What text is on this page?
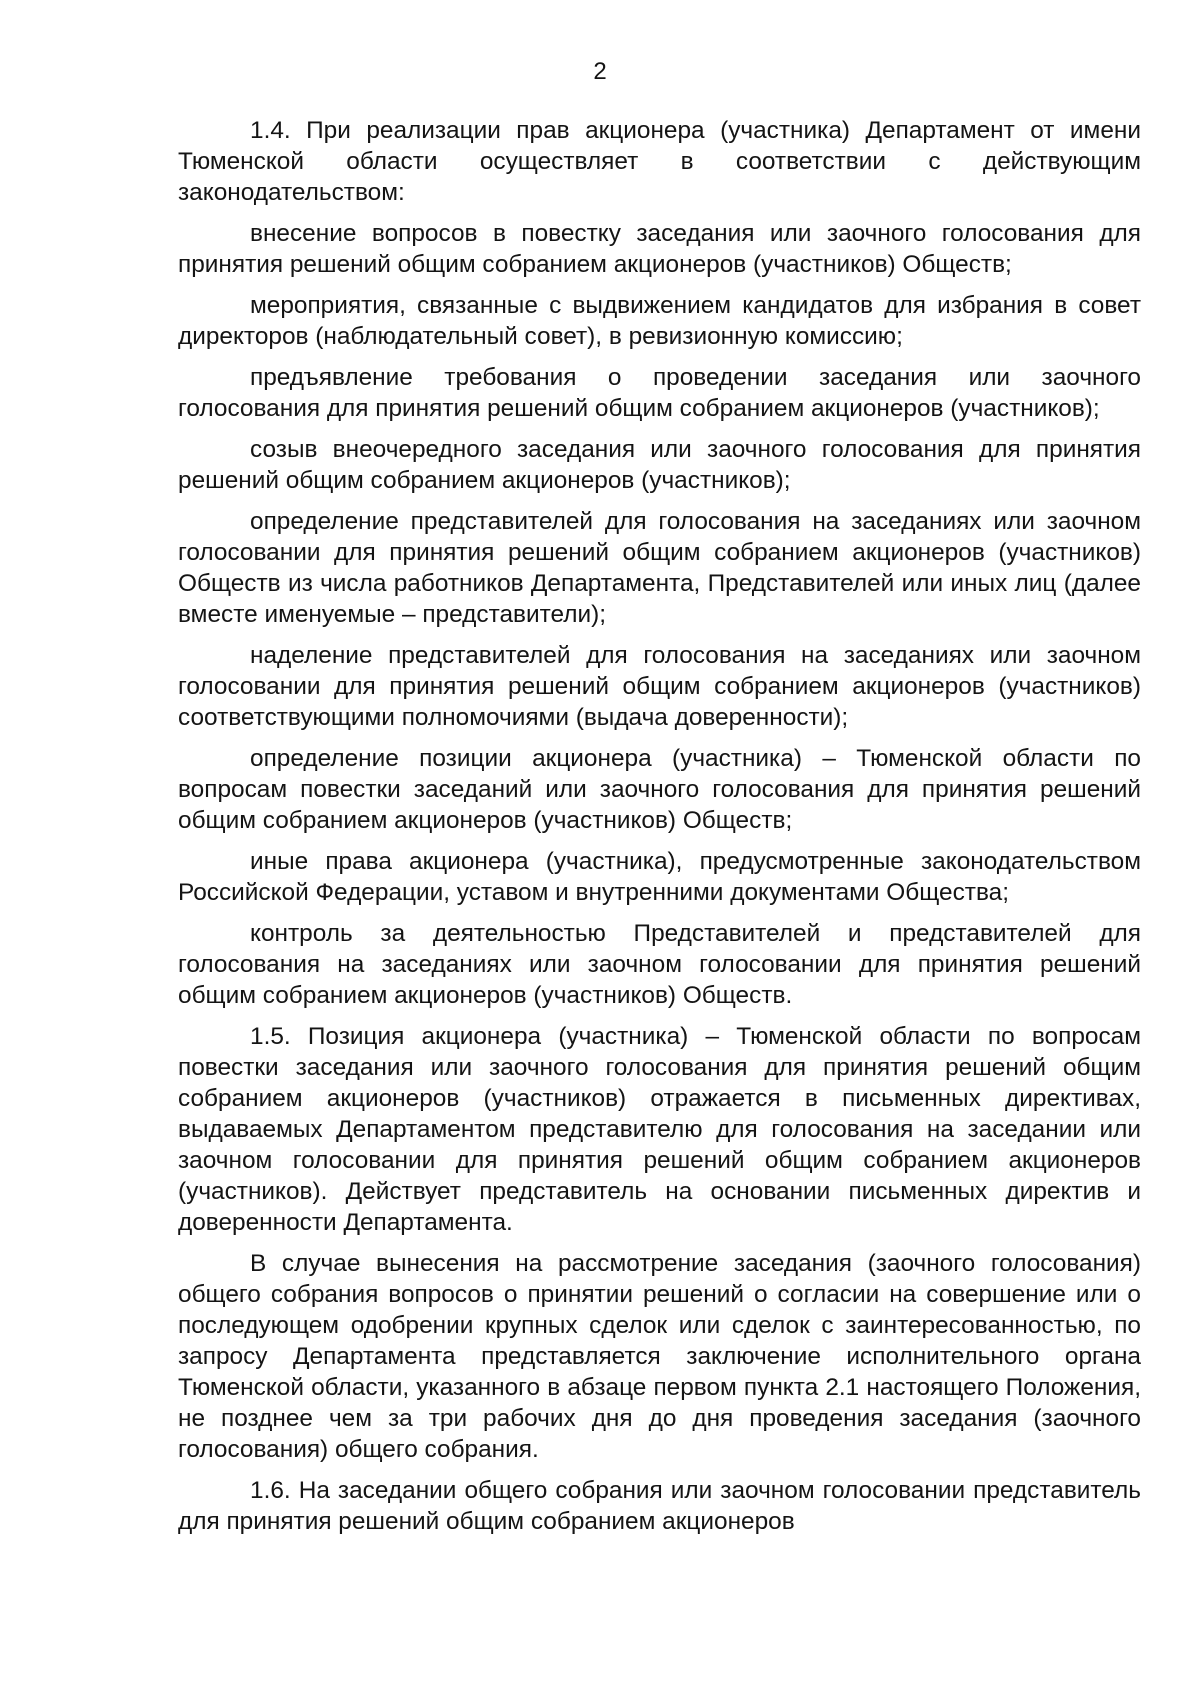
2

1.4. При реализации прав акционера (участника) Департамент от имени Тюменской области осуществляет в соответствии с действующим законодательством:

внесение вопросов в повестку заседания или заочного голосования для принятия решений общим собранием акционеров (участников) Обществ;

мероприятия, связанные с выдвижением кандидатов для избрания в совет директоров (наблюдательный совет), в ревизионную комиссию;

предъявление требования о проведении заседания или заочного голосования для принятия решений общим собранием акционеров (участников);

созыв внеочередного заседания или заочного голосования для принятия решений общим собранием акционеров (участников);

определение представителей для голосования на заседаниях или заочном голосовании для принятия решений общим собранием акционеров (участников) Обществ из числа работников Департамента, Представителей или иных лиц (далее вместе именуемые – представители);

наделение представителей для голосования на заседаниях или заочном голосовании для принятия решений общим собранием акционеров (участников) соответствующими полномочиями (выдача доверенности);

определение позиции акционера (участника) – Тюменской области по вопросам повестки заседаний или заочного голосования для принятия решений общим собранием акционеров (участников) Обществ;

иные права акционера (участника), предусмотренные законодательством Российской Федерации, уставом и внутренними документами Общества;

контроль за деятельностью Представителей и представителей для голосования на заседаниях или заочном голосовании для принятия решений общим собранием акционеров (участников) Обществ.

1.5. Позиция акционера (участника) – Тюменской области по вопросам повестки заседания или заочного голосования для принятия решений общим собранием акционеров (участников) отражается в письменных директивах, выдаваемых Департаментом представителю для голосования на заседании или заочном голосовании для принятия решений общим собранием акционеров (участников). Действует представитель на основании письменных директив и доверенности Департамента.

В случае вынесения на рассмотрение заседания (заочного голосования) общего собрания вопросов о принятии решений о согласии на совершение или о последующем одобрении крупных сделок или сделок с заинтересованностью, по запросу Департамента представляется заключение исполнительного органа Тюменской области, указанного в абзаце первом пункта 2.1 настоящего Положения, не позднее чем за три рабочих дня до дня проведения заседания (заочного голосования) общего собрания.

1.6. На заседании общего собрания или заочном голосовании представитель для принятия решений общим собранием акционеров
